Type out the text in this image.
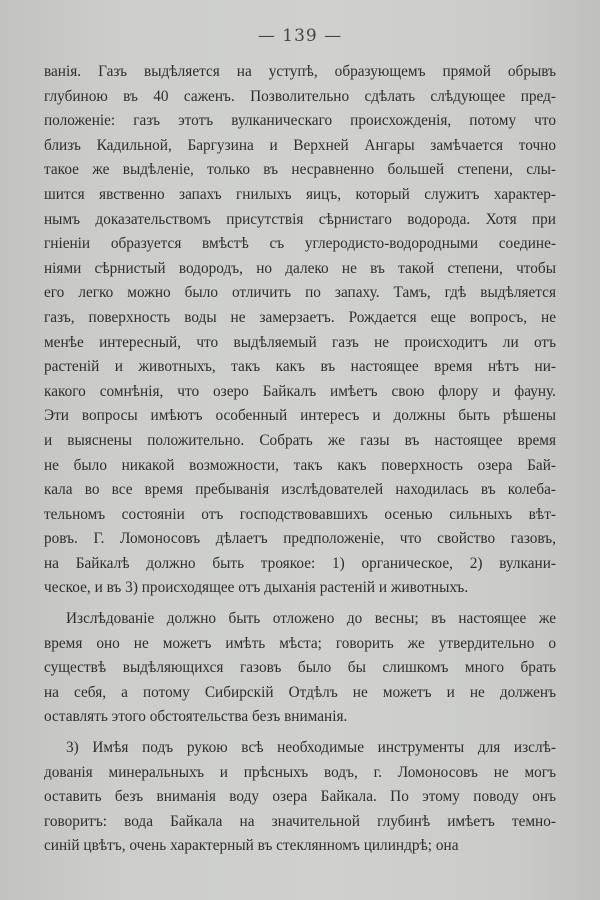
— 139 —
ванія. Газъ выдѣляется на уступѣ, образующемъ прямой обрывъ
глубиною въ 40 саженъ. Позволительно сдѣлать слѣдующее пред-
положеніе: газъ этотъ вулканическаго происхожденія, потому что
близъ Кадильной, Баргузина и Верхней Ангары замѣчается точно
такое же выдѣленіе, только въ несравненно большей степени, слы-
шится явственно запахъ гнилыхъ яицъ, который служитъ характер-
нымъ доказательствомъ присутствія сѣрнистаго водорода. Хотя при
гніеніи образуется вмѣстѣ съ углеродисто-водородными соедине-
ніями сѣрнистый водородъ, но далеко не въ такой степени, чтобы
его легко можно было отличить по запаху. Тамъ, гдѣ выдѣляется
газъ, поверхность воды не замерзаетъ. Рождается еще вопросъ, не
менѣе интересный, что выдѣляемый газъ не происходитъ ли отъ
растеній и животныхъ, такъ какъ въ настоящее время нѣтъ ни-
какого сомнѣнія, что озеро Байкалъ имѣетъ свою флору и фауну.
Эти вопросы имѣютъ особенный интересъ и должны быть рѣшены
и выяснены положительно. Собрать же газы въ настоящее время
не было никакой возможности, такъ какъ поверхность озера Бай-
кала во все время пребыванія изслѣдователей находилась въ колеба-
тельномъ состояніи отъ господствовавшихъ осенью сильныхъ вѣт-
ровъ. Г. Ломоносовъ дѣлаетъ предположеніе, что свойство газовъ,
на Байкалѣ должно быть троякое: 1) органическое, 2) вулкани-
ческое, и въ 3) происходящее отъ дыханія растеній и животныхъ.
Изслѣдованіе должно быть отложено до весны; въ настоящее же
время оно не можетъ имѣть мѣста; говорить же утвердительно о
существѣ выдѣляющихся газовъ было бы слишкомъ много брать
на себя, а потому Сибирскій Отдѣлъ не можетъ и не долженъ
оставлять этого обстоятельства безъ вниманія.
3) Имѣя подъ рукою всѣ необходимые инструменты для изслѣ-
дованія минеральныхъ и прѣсныхъ водъ, г. Ломоносовъ не могъ
оставить безъ вниманія воду озера Байкала. По этому поводу онъ
говоритъ: вода Байкала на значительной глубинѣ имѣетъ темно-
синій цвѣтъ, очень характерный въ стеклянномъ цилиндрѣ; она
